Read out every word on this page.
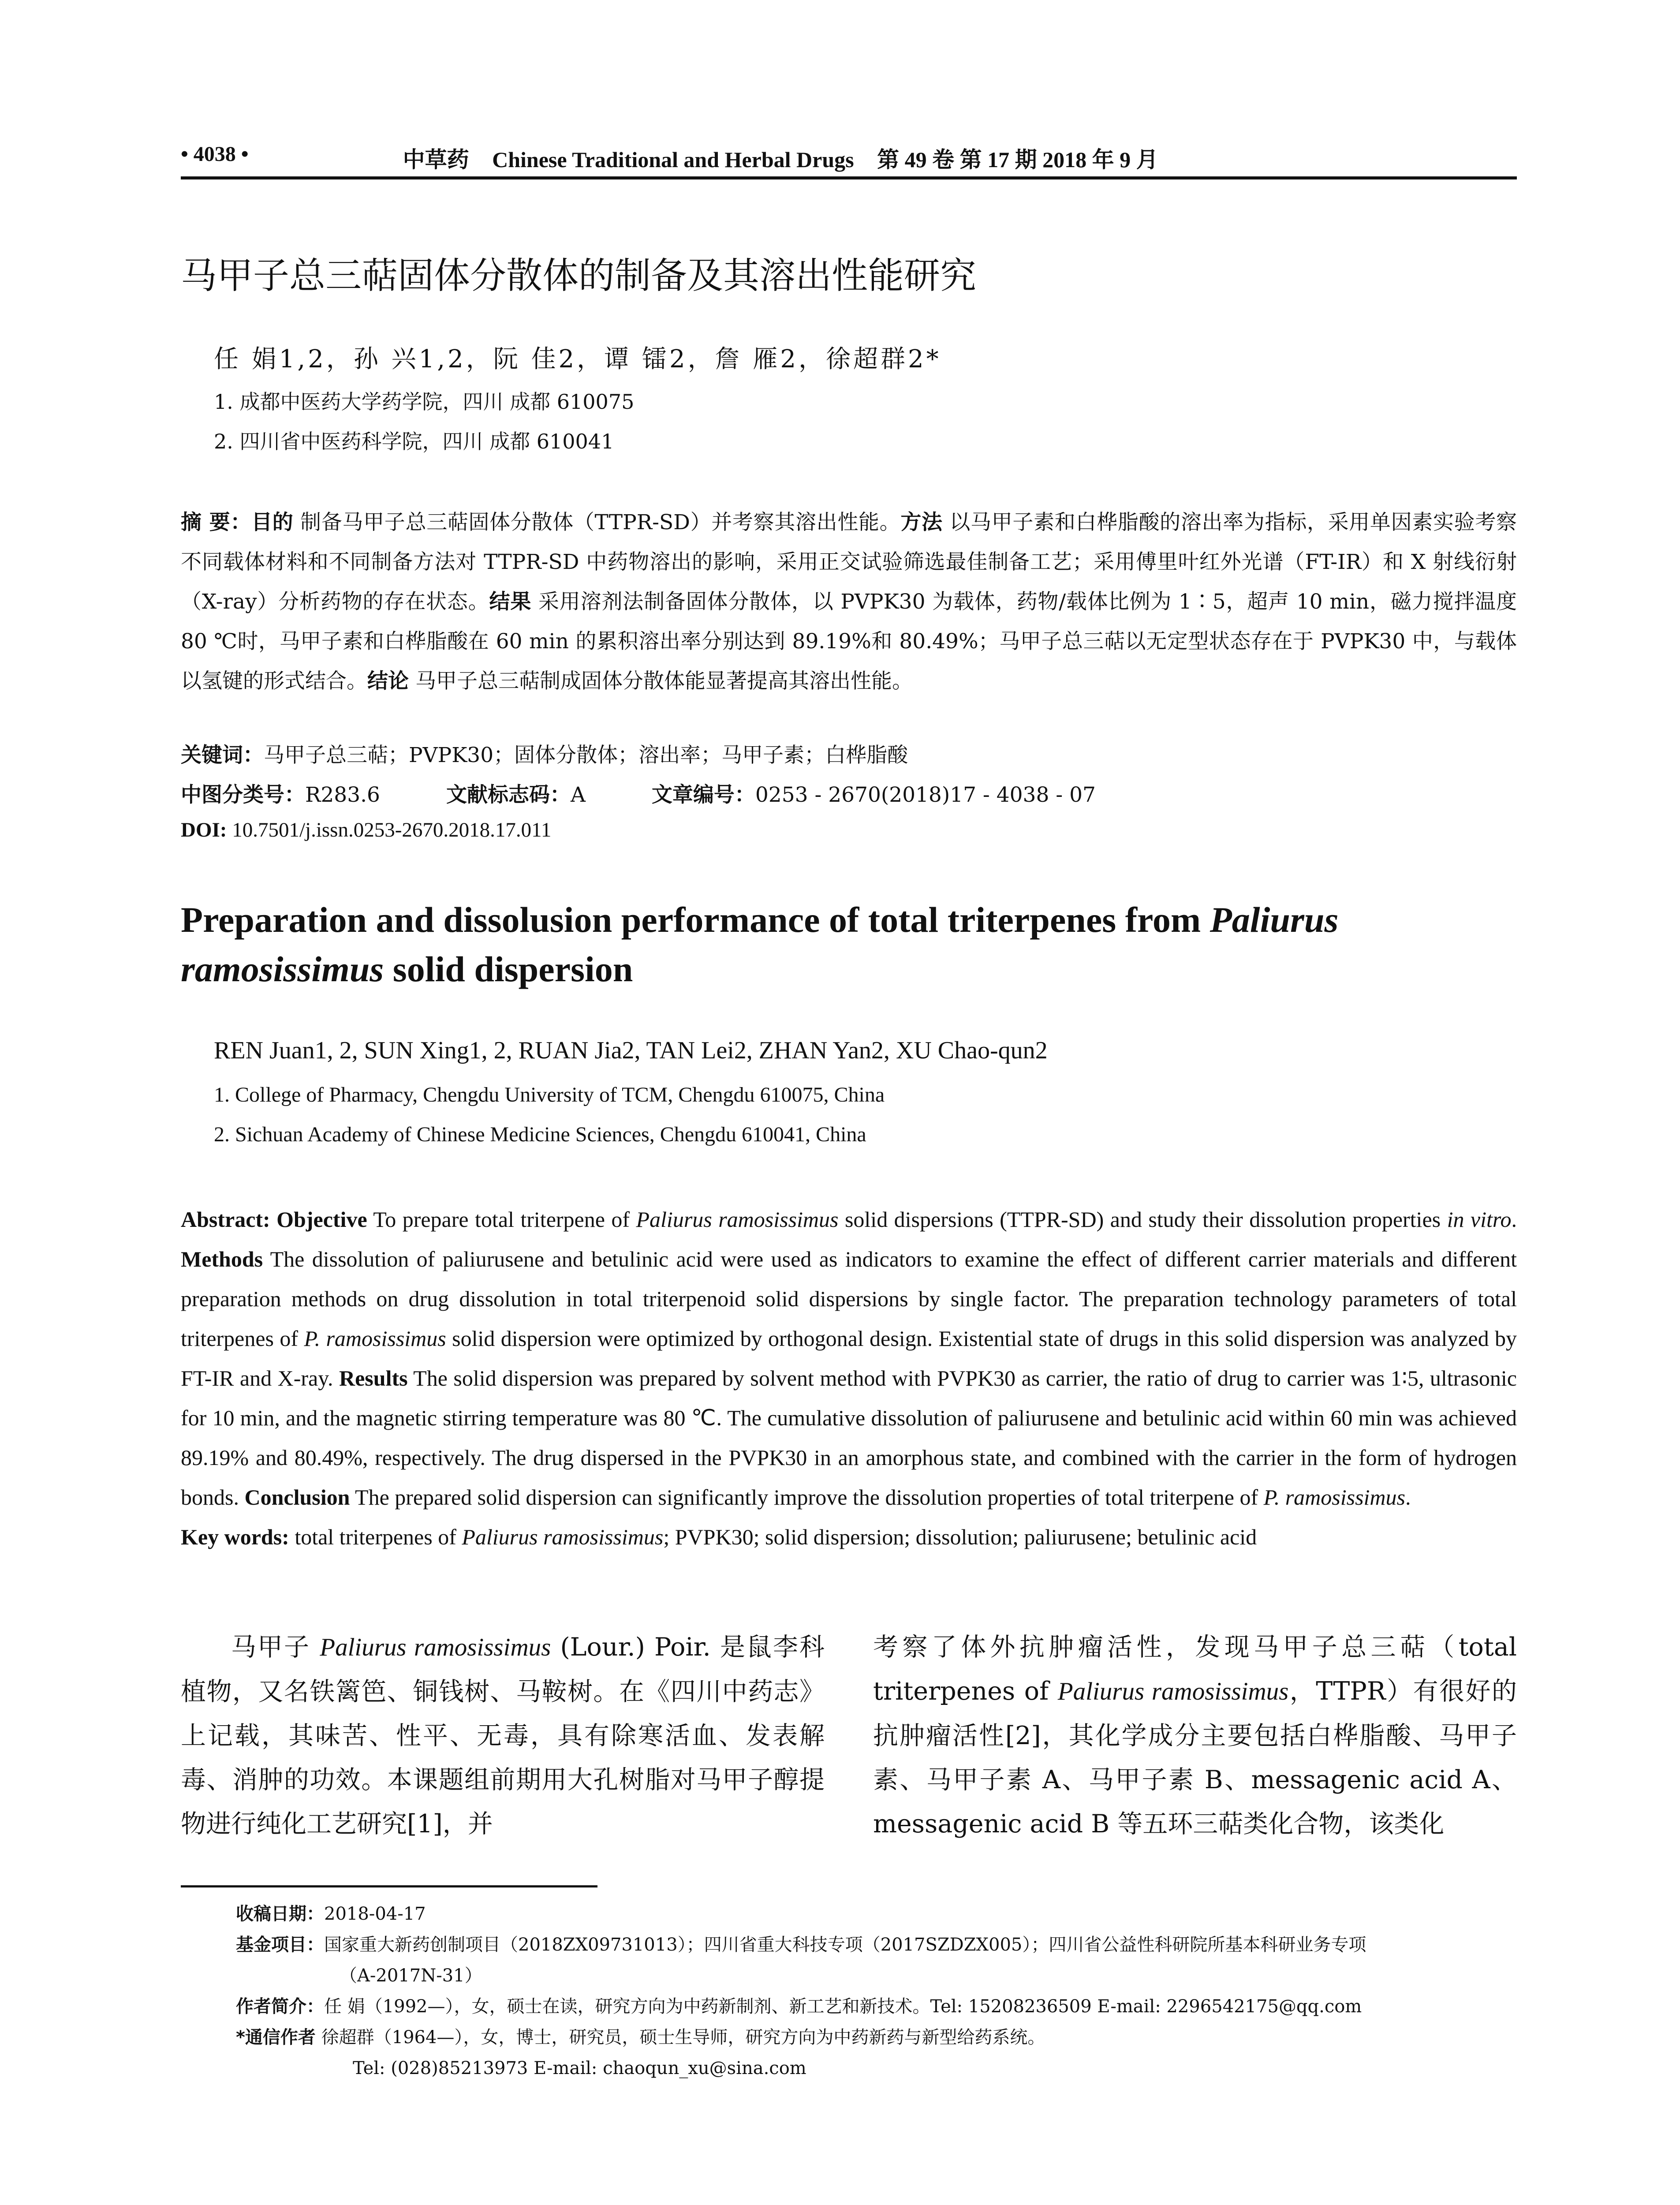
• 4038 •	中草药 Chinese Traditional and Herbal Drugs 第 49 卷 第 17 期 2018 年 9 月
马甲子总三萜固体分散体的制备及其溶出性能研究
任 娟1,2，孙 兴1,2，阮 佳2，谭 镭2，詹 雁2，徐超群2*
1. 成都中医药大学药学院，四川 成都 610075
2. 四川省中医药科学院，四川 成都 610041
摘 要：目的 制备马甲子总三萜固体分散体（TTPR-SD）并考察其溶出性能。方法 以马甲子素和白桦脂酸的溶出率为指标，采用单因素实验考察不同载体材料和不同制备方法对 TTPR-SD 中药物溶出的影响，采用正交试验筛选最佳制备工艺；采用傅里叶红外光谱（FT-IR）和 X 射线衍射（X-ray）分析药物的存在状态。结果 采用溶剂法制备固体分散体，以 PVPK30 为载体，药物/载体比例为 1∶5，超声 10 min，磁力搅拌温度 80 ℃时，马甲子素和白桦脂酸在 60 min 的累积溶出率分别达到 89.19%和 80.49%；马甲子总三萜以无定型状态存在于 PVPK30 中，与载体以氢键的形式结合。结论 马甲子总三萜制成固体分散体能显著提高其溶出性能。
关键词：马甲子总三萜；PVPK30；固体分散体；溶出率；马甲子素；白桦脂酸
中图分类号：R283.6	文献标志码：A	文章编号：0253 - 2670(2018)17 - 4038 - 07
DOI: 10.7501/j.issn.0253-2670.2018.17.011
Preparation and dissolusion performance of total triterpenes from Paliurus ramosissimus solid dispersion
REN Juan1, 2, SUN Xing1, 2, RUAN Jia2, TAN Lei2, ZHAN Yan2, XU Chao-qun2
1. College of Pharmacy, Chengdu University of TCM, Chengdu 610075, China
2. Sichuan Academy of Chinese Medicine Sciences, Chengdu 610041, China
Abstract: Objective To prepare total triterpene of Paliurus ramosissimus solid dispersions (TTPR-SD) and study their dissolution properties in vitro. Methods The dissolution of paliurusene and betulinic acid were used as indicators to examine the effect of different carrier materials and different preparation methods on drug dissolution in total triterpenoid solid dispersions by single factor. The preparation technology parameters of total triterpenes of P. ramosissimus solid dispersion were optimized by orthogonal design. Existential state of drugs in this solid dispersion was analyzed by FT-IR and X-ray. Results The solid dispersion was prepared by solvent method with PVPK30 as carrier, the ratio of drug to carrier was 1∶5, ultrasonic for 10 min, and the magnetic stirring temperature was 80 ℃. The cumulative dissolution of paliurusene and betulinic acid within 60 min was achieved 89.19% and 80.49%, respectively. The drug dispersed in the PVPK30 in an amorphous state, and combined with the carrier in the form of hydrogen bonds. Conclusion The prepared solid dispersion can significantly improve the dissolution properties of total triterpene of P. ramosissimus.
Key words: total triterpenes of Paliurus ramosissimus; PVPK30; solid dispersion; dissolution; paliurusene; betulinic acid
马甲子 Paliurus ramosissimus (Lour.) Poir. 是鼠李科植物，又名铁篱笆、铜钱树、马鞍树。在《四川中药志》上记载，其味苦、性平、无毒，具有除寒活血、发表解毒、消肿的功效。本课题组前期用大孔树脂对马甲子醇提物进行纯化工艺研究[1]，并
考察了体外抗肿瘤活性，发现马甲子总三萜（total triterpenes of Paliurus ramosissimus，TTPR）有很好的抗肿瘤活性[2]，其化学成分主要包括白桦脂酸、马甲子素、马甲子素 A、马甲子素 B、messagenic acid A、messagenic acid B 等五环三萜类化合物，该类化
收稿日期：2018-04-17
基金项目：国家重大新药创制项目（2018ZX09731013）；四川省重大科技专项（2017SZDZX005）；四川省公益性科研院所基本科研业务专项
（A-2017N-31）
作者简介：任 娟（1992—），女，硕士在读，研究方向为中药新制剂、新工艺和新技术。Tel: 15208236509 E-mail: 2296542175@qq.com
*通信作者 徐超群（1964—），女，博士，研究员，硕士生导师，研究方向为中药新药与新型给药系统。
Tel: (028)85213973 E-mail: chaoqun_xu@sina.com
